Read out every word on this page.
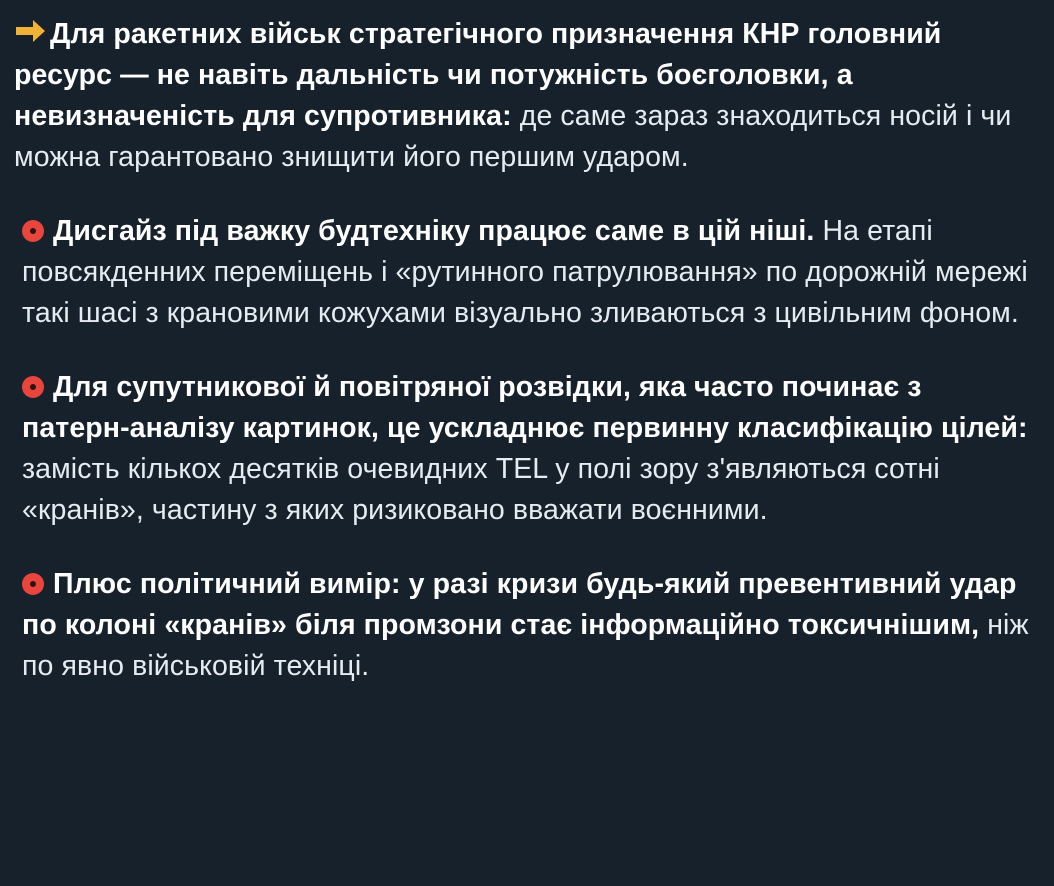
Для ракетних військ стратегічного призначення КНР головний ресурс — не навіть дальність чи потужність боєголовки, а невизначеність для супротивника: де саме зараз знаходиться носій і чи можна гарантовано знищити його першим ударом.

Дисгайз під важку будтехніку працює саме в цій ніші. На етапі повсякденних переміщень і «рутинного патрулювання» по дорожній мережі такі шасі з крановими кожухами візуально зливаються з цивільним фоном.

Для супутникової й повітряної розвідки, яка часто починає з патерн-аналізу картинок, це ускладнює первинну класифікацію цілей: замість кількох десятків очевидних TEL у полі зору з'являються сотні «кранів», частину з яких ризиковано вважати воєнними.

Плюс політичний вимір: у разі кризи будь-який превентивний удар по колоні «кранів» біля промзони стає інформаційно токсичнішим, ніж по явно військовій техніці.
